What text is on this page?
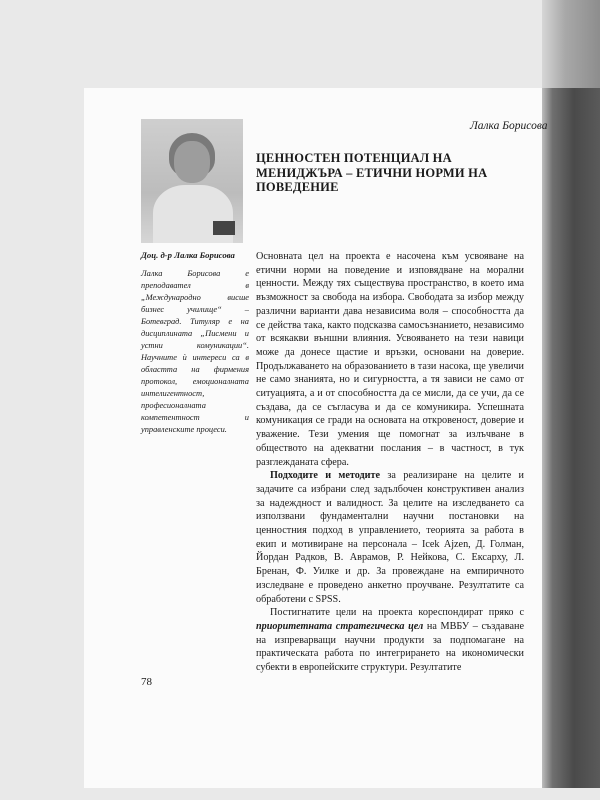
Лалка Борисова
ЦЕННОСТЕН ПОТЕНЦИАЛ НА МЕНИДЖЪРА – ЕТИЧНИ НОРМИ НА ПОВЕДЕНИЕ
Доц. д-р Лалка Борисова

Лалка Борисова е преподавател в „Международно висше бизнес училище“ – Ботевград. Титуляр е на дисциплината „Писмени и устни комуникации“. Научните ѝ интереси са в областта на фирмения протокол, емоционалната интелигентност, професионалната компетентност и управленските процеси.

Основната цел на проекта е насочена към усвояване на етични норми на поведение и изповядване на морални ценности. Между тях съществува пространство, в което има възможност за свобода на избора. Свободата за избор между различни варианти дава независима воля – способността да се действа така, както подсказва самосъзнанието, независимо от всякакви външни влияния. Усвояването на тези навици може да донесе щастие и връзки, основани на доверие. Продължаването на образованието в тази насока, ще увеличи не само знанията, но и сигурността, а тя зависи не само от ситуацията, а и от способността да се мисли, да се учи, да се създава, да се съгласува и да се комуникира. Успешната комуникация се гради на основата на откровеност, доверие и уважение. Тези умения ще помогнат за излъчване в обществото на адекватни послания – в частност, в тук разглежданата сфера.

Подходите и методите за реализиране на целите и задачите са избрани след задълбочен конструктивен анализ за надеждност и валидност. За целите на изследването са използвани фундаментални научни постановки на ценностния подход в управлението, теорията за работа в екип и мотивиране на персонала – Icek Ajzen, Д. Голман, Йордан Радков, В. Аврамов, Р. Нейкова, С. Ексарху, Л. Бренан, Ф. Уилке и др. За провеждане на емпиричното изследване е проведено анкетно проучване. Резултатите са обработени с SPSS.

Постигнатите цели на проекта кореспондират пряко с приоритетната стратегическа цел на МВБУ – създаване на изпреварващи научни продукти за подпомагане на практическата работа по интегрирането на икономически субекти в европейските структури. Резултатите

78
